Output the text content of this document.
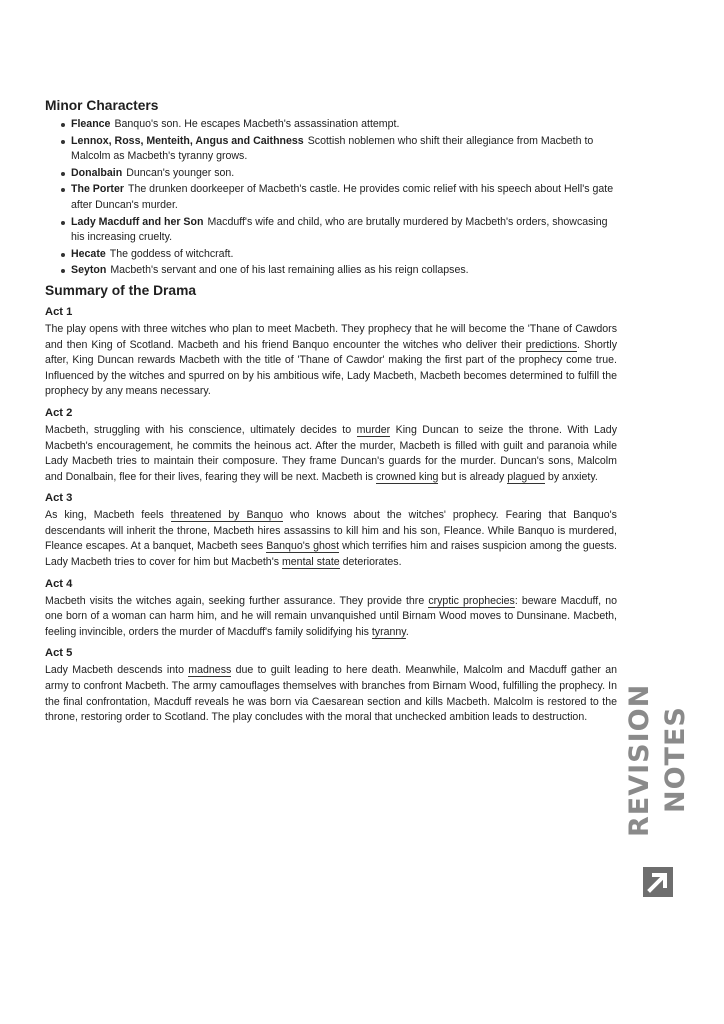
Minor Characters
Fleance Banquo's son. He escapes Macbeth's assassination attempt.
Lennox, Ross, Menteith, Angus and Caithness Scottish noblemen who shift their allegiance from Macbeth to Malcolm as Macbeth's tyranny grows.
Donalbain Duncan's younger son.
The Porter The drunken doorkeeper of Macbeth's castle. He provides comic relief with his speech about Hell's gate after Duncan's murder.
Lady Macduff and her Son Macduff's wife and child, who are brutally murdered by Macbeth's orders, showcasing his increasing cruelty.
Hecate The goddess of witchcraft.
Seyton Macbeth's servant and one of his last remaining allies as his reign collapses.
Summary of the Drama
Act 1

The play opens with three witches who plan to meet Macbeth. They prophecy that he will become the 'Thane of Cawdors and then King of Scotland. Macbeth and his friend Banquo encounter the witches who deliver their predictions. Shortly after, King Duncan rewards Macbeth with the title of 'Thane of Cawdor' making the first part of the prophecy come true. Influenced by the witches and spurred on by his ambitious wife, Lady Macbeth, Macbeth becomes determined to fulfill the prophecy by any means necessary.

Act 2

Macbeth, struggling with his conscience, ultimately decides to murder King Duncan to seize the throne. With Lady Macbeth's encouragement, he commits the heinous act. After the murder, Macbeth is filled with guilt and paranoia while Lady Macbeth tries to maintain their composure. They frame Duncan's guards for the murder. Duncan's sons, Malcolm and Donalbain, flee for their lives, fearing they will be next. Macbeth is crowned king but is already plagued by anxiety.

Act 3

As king, Macbeth feels threatened by Banquo who knows about the witches' prophecy. Fearing that Banquo's descendants will inherit the throne, Macbeth hires assassins to kill him and his son, Fleance. While Banquo is murdered, Fleance escapes. At a banquet, Macbeth sees Banquo's ghost which terrifies him and raises suspicion among the guests. Lady Macbeth tries to cover for him but Macbeth's mental state deteriorates.

Act 4

Macbeth visits the witches again, seeking further assurance. They provide thre cryptic prophecies: beware Macduff, no one born of a woman can harm him, and he will remain unvanquished until Birnam Wood moves to Dunsinane. Macbeth, feeling invincible, orders the murder of Macduff's family solidifying his tyranny.

Act 5

Lady Macbeth descends into madness due to guilt leading to here death. Meanwhile, Malcolm and Macduff gather an army to confront Macbeth. The army camouflages themselves with branches from Birnam Wood, fulfilling the prophecy. In the final confrontation, Macduff reveals he was born via Caesarean section and kills Macbeth. Malcolm is restored to the throne, restoring order to Scotland. The play concludes with the moral that unchecked ambition leads to destruction.	REVISION NOTES
